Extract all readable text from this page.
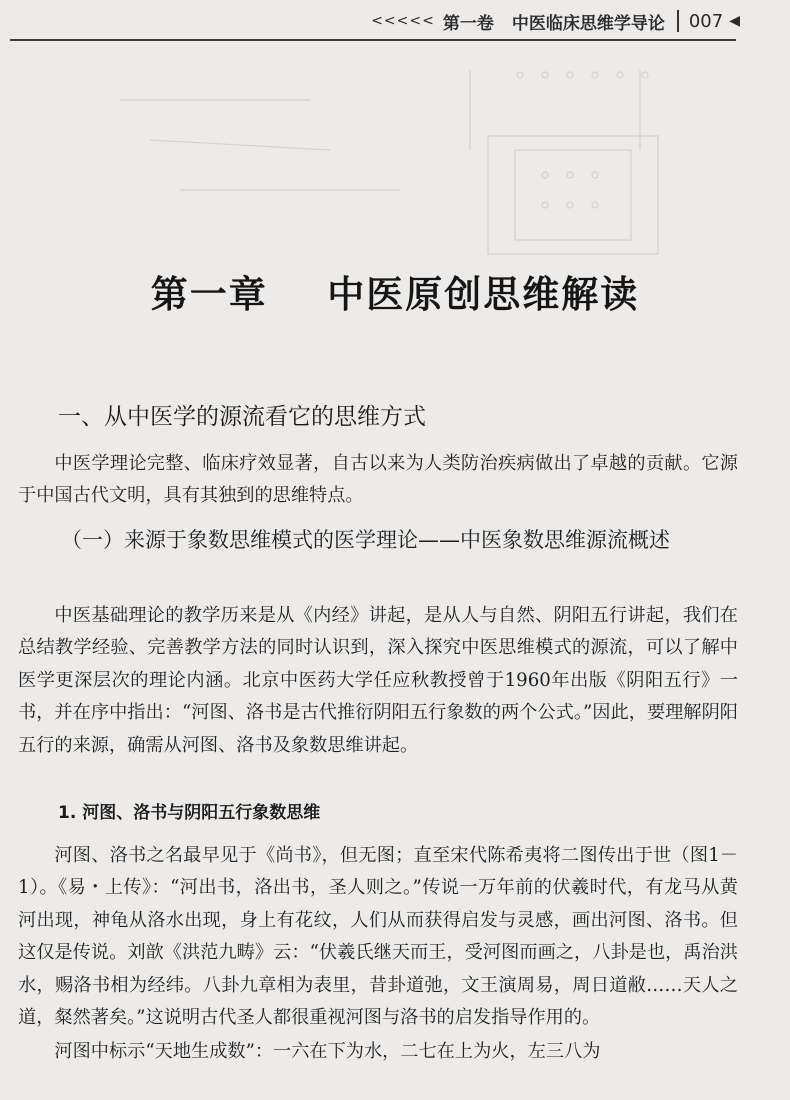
<<<<< 第一卷 中医临床思维学导论 007 ◀
第一章    中医原创思维解读
一、从中医学的源流看它的思维方式

中医学理论完整、临床疗效显著，自古以来为人类防治疾病做出了卓越的贡献。它源于中国古代文明，具有其独到的思维特点。

（一）来源于象数思维模式的医学理论——中医象数思维源流概述

中医基础理论的教学历来是从《内经》讲起，是从人与自然、阴阳五行讲起，我们在总结教学经验、完善教学方法的同时认识到，深入探究中医思维模式的源流，可以了解中医学更深层次的理论内涵。北京中医药大学任应秋教授曾于1960年出版《阴阳五行》一书，并在序中指出：“河图、洛书是古代推衍阴阳五行象数的两个公式。”因此，要理解阴阳五行的来源，确需从河图、洛书及象数思维讲起。

1. 河图、洛书与阴阳五行象数思维

河图、洛书之名最早见于《尚书》，但无图；直至宋代陈希夷将二图传出于世（图1－1）。《易・上传》：“河出书，洛出书，圣人则之。”传说一万年前的伏羲时代，有龙马从黄河出现，神龟从洛水出现，身上有花纹，人们从而获得启发与灵感，画出河图、洛书。但这仅是传说。刘歆《洪范九畴》云：“伏羲氏继天而王，受河图而画之，八卦是也，禹治洪水，赐洛书相为经纬。八卦九章相为表里，昔卦道弛，文王演周易，周日道敝……天人之道，粲然著矣。”这说明古代圣人都很重视河图与洛书的启发指导作用的。

河图中标示“天地生成数”：一六在下为水，二七在上为火，左三八为
